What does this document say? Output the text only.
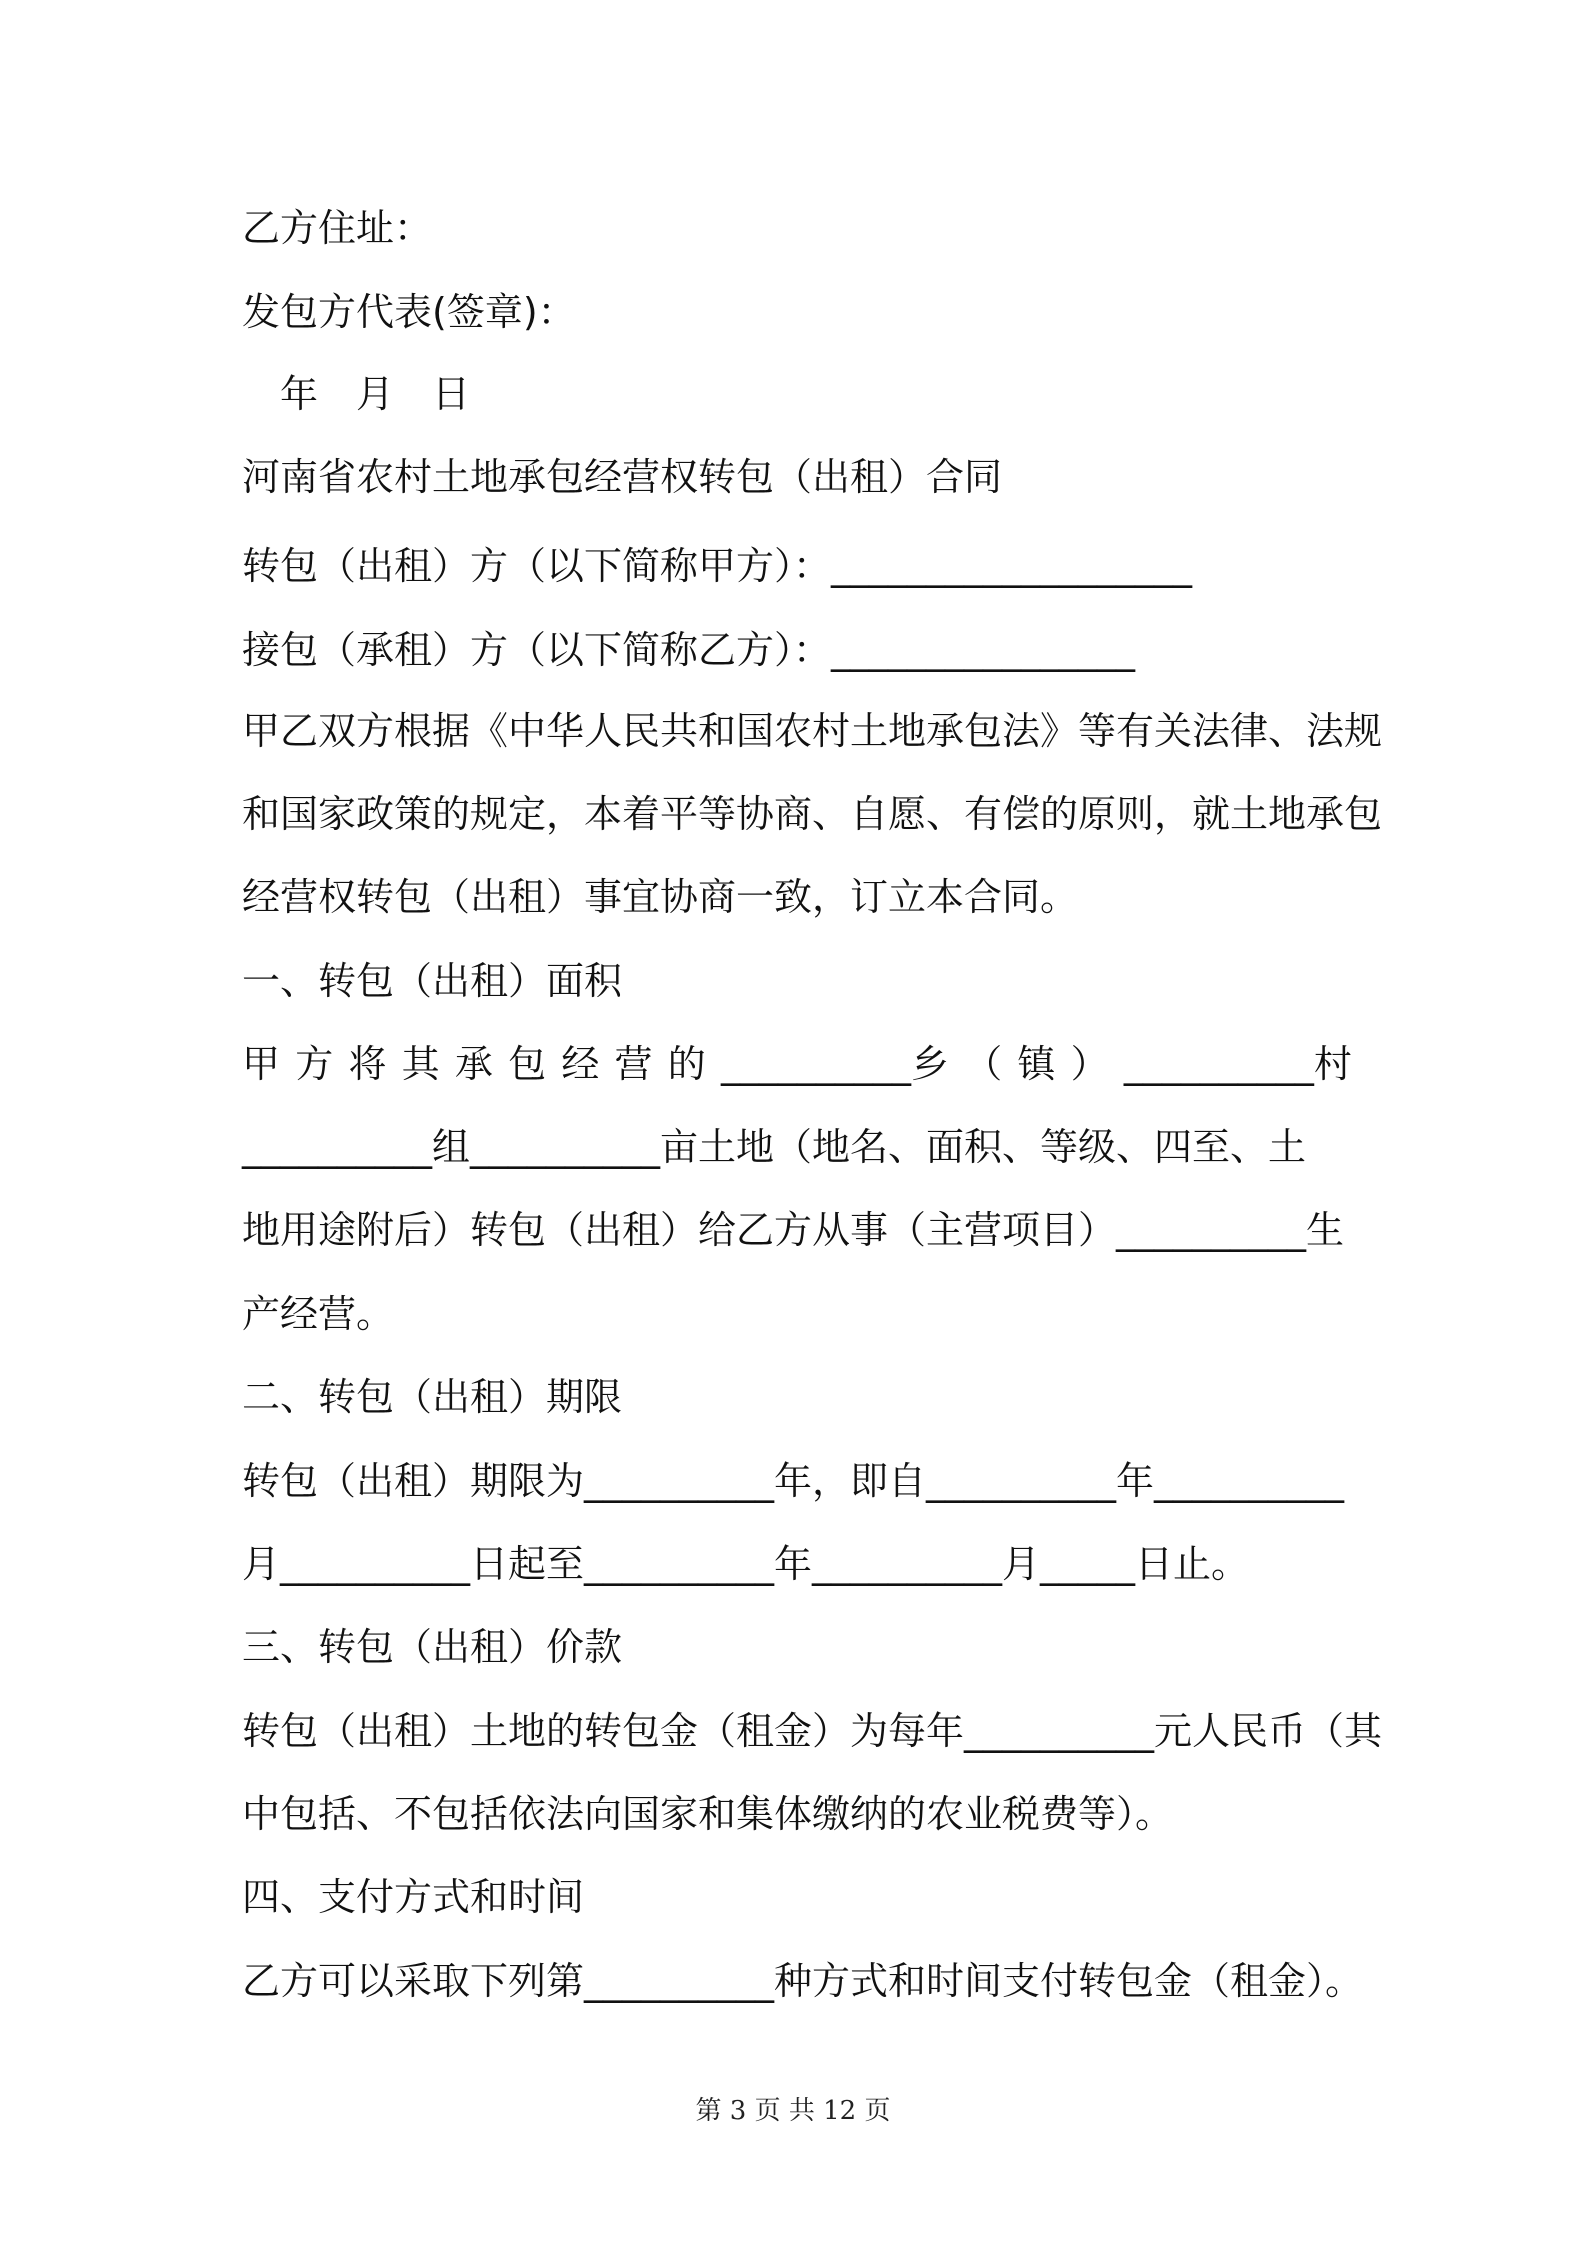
乙方住址：
发包方代表(签章)：
　年　月　日
河南省农村土地承包经营权转包（出租）合同
转包（出租）方（以下简称甲方）：___________________
接包（承租）方（以下简称乙方）：________________
甲乙双方根据《中华人民共和国农村土地承包法》等有关法律、法规
和国家政策的规定，本着平等协商、自愿、有偿的原则，就土地承包
经营权转包（出租）事宜协商一致，订立本合同。
一、转包（出租）面积
甲 方 将 其 承 包 经 营 的 __________乡 （ 镇 ） __________村
__________组__________亩土地（地名、面积、等级、四至、土
地用途附后）转包（出租）给乙方从事（主营项目）__________生
产经营。
二、转包（出租）期限
转包（出租）期限为__________年，即自__________年__________
月__________日起至__________年__________月_____日止。
三、转包（出租）价款
转包（出租）土地的转包金（租金）为每年__________元人民币（其
中包括、不包括依法向国家和集体缴纳的农业税费等）。
四、支付方式和时间
乙方可以采取下列第__________种方式和时间支付转包金（租金）。
第 3 页 共 12 页
